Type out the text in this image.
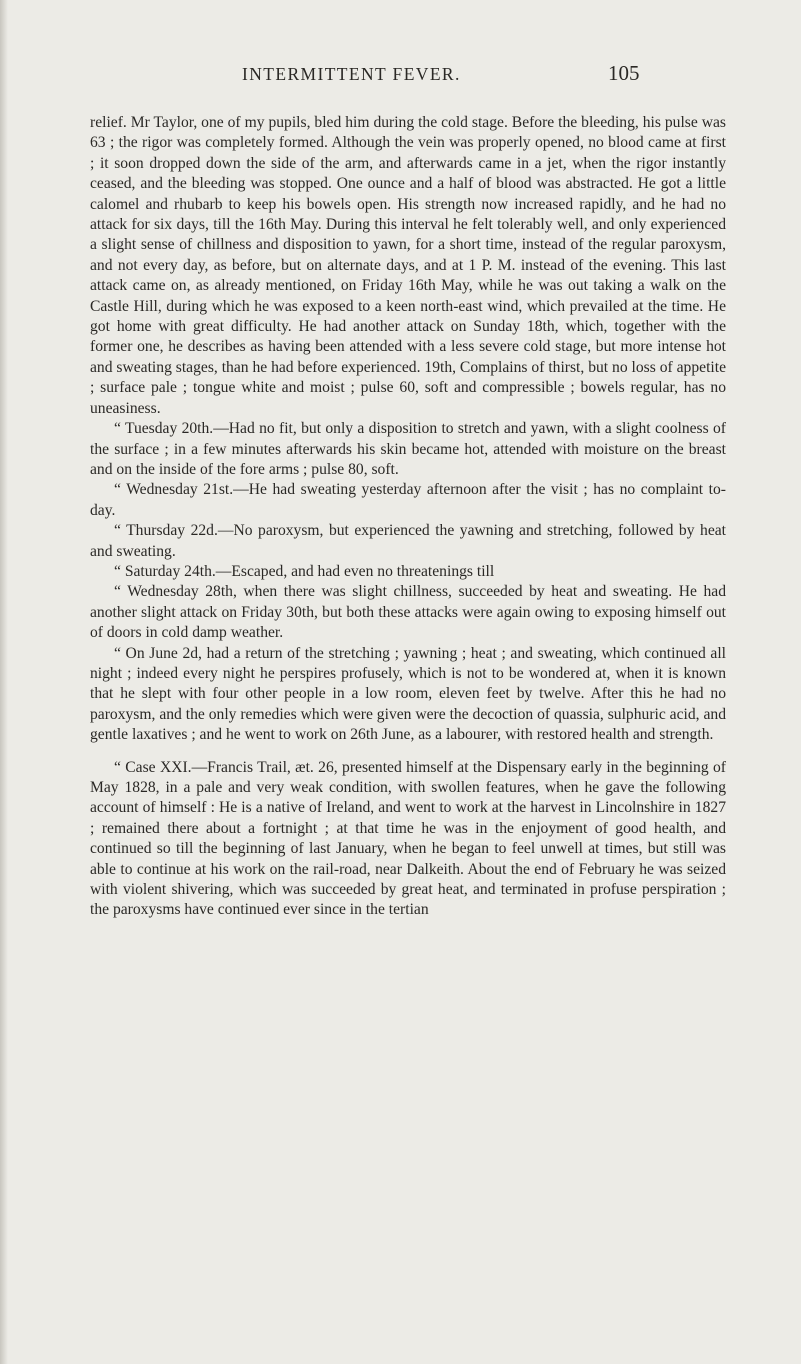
INTERMITTENT FEVER.	105

relief. Mr Taylor, one of my pupils, bled him during the cold stage. Before the bleeding, his pulse was 63 ; the rigor was completely formed. Although the vein was properly opened, no blood came at first ; it soon dropped down the side of the arm, and afterwards came in a jet, when the rigor instantly ceased, and the bleeding was stopped. One ounce and a half of blood was abstracted. He got a little calomel and rhubarb to keep his bowels open. His strength now increased rapidly, and he had no attack for six days, till the 16th May. During this interval he felt tolerably well, and only experienced a slight sense of chillness and disposition to yawn, for a short time, instead of the regular paroxysm, and not every day, as before, but on alternate days, and at 1 P. M. instead of the evening. This last attack came on, as already mentioned, on Friday 16th May, while he was out taking a walk on the Castle Hill, during which he was exposed to a keen north-east wind, which prevailed at the time. He got home with great difficulty. He had another attack on Sunday 18th, which, together with the former one, he describes as having been attended with a less severe cold stage, but more intense hot and sweating stages, than he had before experienced. 19th, Complains of thirst, but no loss of appetite ; surface pale ; tongue white and moist ; pulse 60, soft and compressible ; bowels regular, has no uneasiness.

“ Tuesday 20th.—Had no fit, but only a disposition to stretch and yawn, with a slight coolness of the surface ; in a few minutes afterwards his skin became hot, attended with moisture on the breast and on the inside of the fore arms ; pulse 80, soft.

“ Wednesday 21st.—He had sweating yesterday afternoon after the visit ; has no complaint to-day.

“ Thursday 22d.—No paroxysm, but experienced the yawning and stretching, followed by heat and sweating.

“ Saturday 24th.—Escaped, and had even no threatenings till

“ Wednesday 28th, when there was slight chillness, succeeded by heat and sweating. He had another slight attack on Friday 30th, but both these attacks were again owing to exposing himself out of doors in cold damp weather.

“ On June 2d, had a return of the stretching ; yawning ; heat ; and sweating, which continued all night ; indeed every night he perspires profusely, which is not to be wondered at, when it is known that he slept with four other people in a low room, eleven feet by twelve. After this he had no paroxysm, and the only remedies which were given were the decoction of quassia, sulphuric acid, and gentle laxatives ; and he went to work on 26th June, as a labourer, with restored health and strength.

“ Case XXI.—Francis Trail, æt. 26, presented himself at the Dispensary early in the beginning of May 1828, in a pale and very weak condition, with swollen features, when he gave the following account of himself : He is a native of Ireland, and went to work at the harvest in Lincolnshire in 1827 ; remained there about a fortnight ; at that time he was in the enjoyment of good health, and continued so till the beginning of last January, when he began to feel unwell at times, but still was able to continue at his work on the rail-road, near Dalkeith. About the end of February he was seized with violent shivering, which was succeeded by great heat, and terminated in profuse perspiration ; the paroxysms have continued ever since in the tertian
